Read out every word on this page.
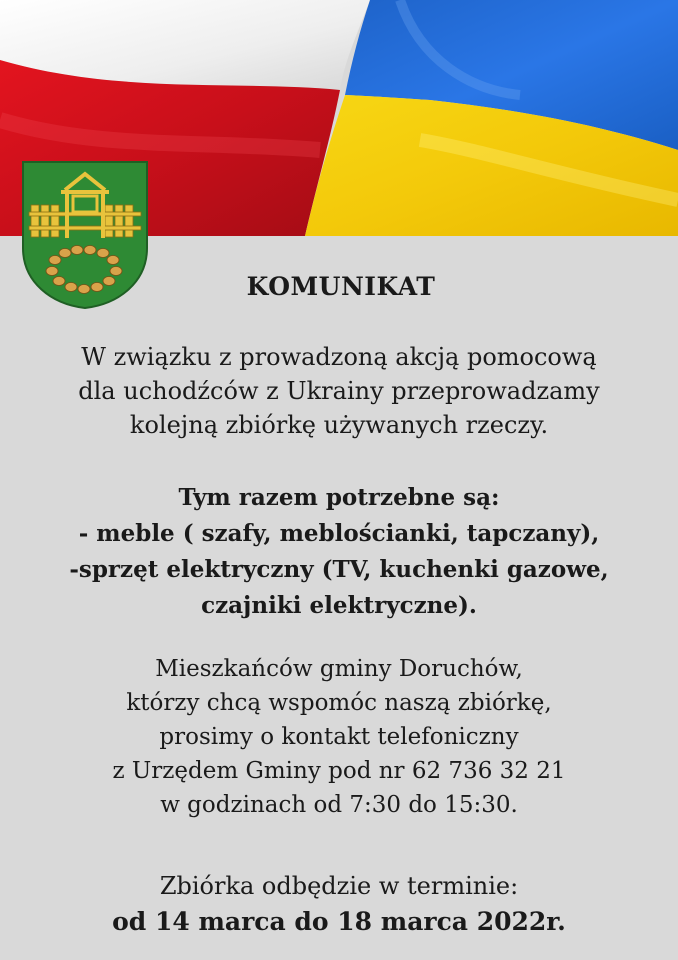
KOMUNIKAT
W związku z prowadzoną akcją pomocową
dla uchodźców z Ukrainy przeprowadzamy
kolejną zbiórkę używanych rzeczy.
Tym razem potrzebne są:
- meble ( szafy, meblościanki, tapczany),
-sprzęt elektryczny (TV, kuchenki gazowe,
czajniki elektryczne).
Mieszkańców gminy Doruchów,
którzy chcą wspomóc naszą zbiórkę,
prosimy o kontakt telefoniczny
z Urzędem Gminy pod nr 62 736 32 21
w godzinach od 7:30 do 15:30.
Zbiórka odbędzie w terminie:
od 14 marca do 18 marca 2022r.
